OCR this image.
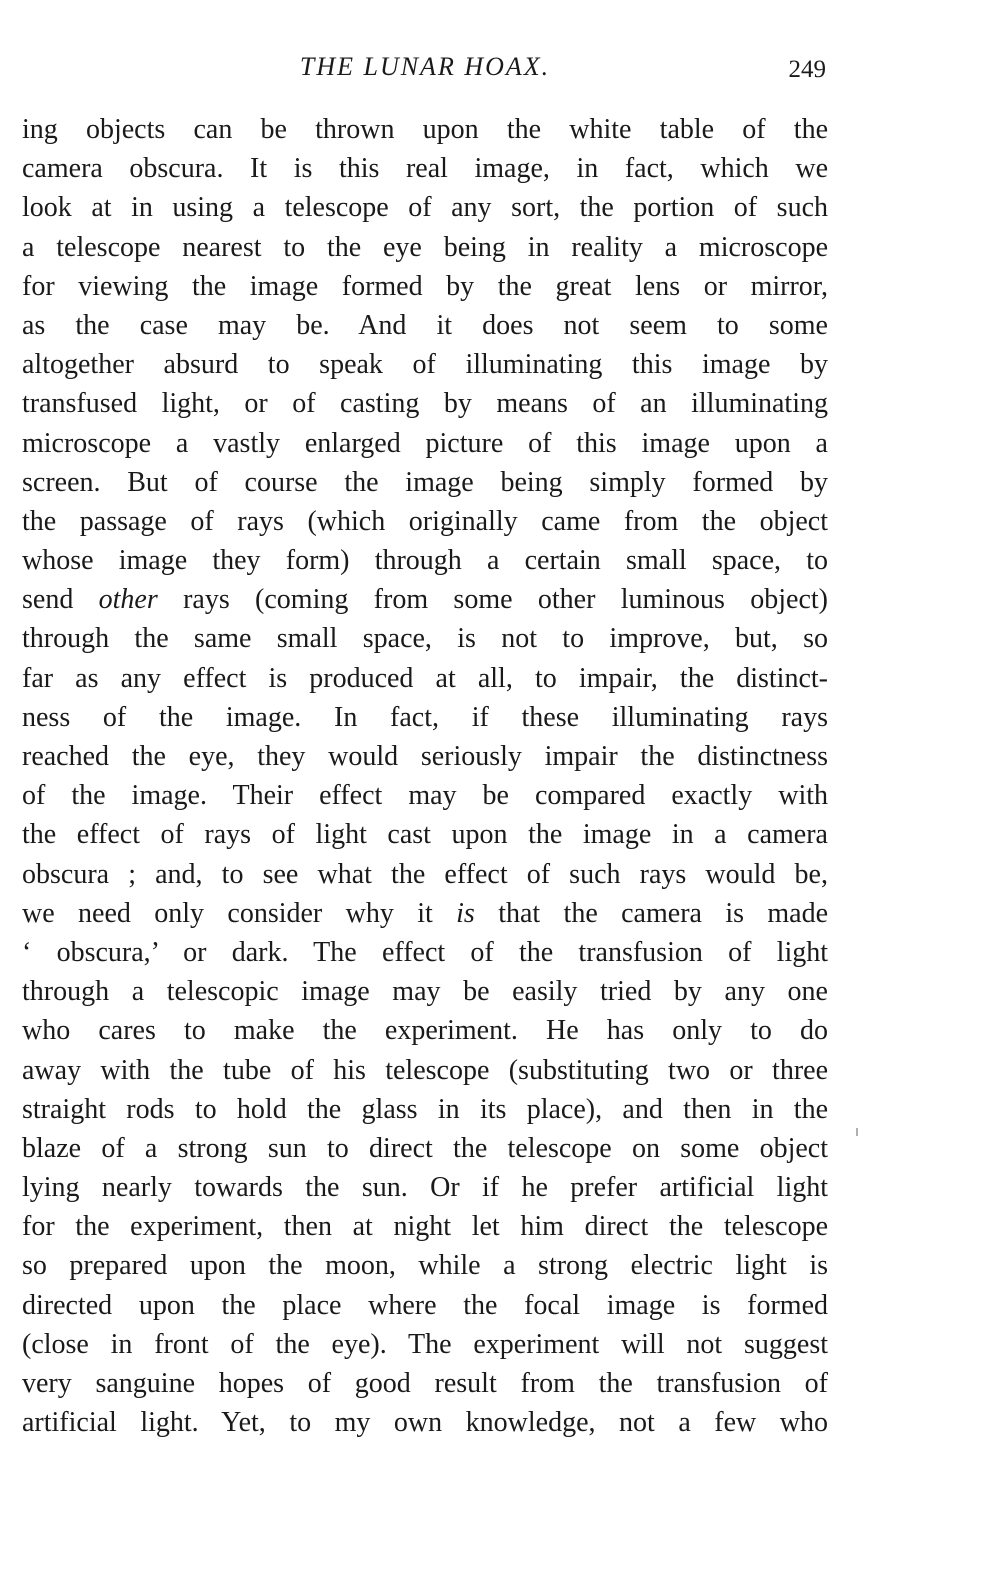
THE LUNAR HOAX.	249
ing objects can be thrown upon the white table of the
camera obscura. It is this real image, in fact, which we
look at in using a telescope of any sort, the portion of such
a telescope nearest to the eye being in reality a microscope
for viewing the image formed by the great lens or mirror,
as the case may be. And it does not seem to some
altogether absurd to speak of illuminating this image by
transfused light, or of casting by means of an illuminating
microscope a vastly enlarged picture of this image upon a
screen. But of course the image being simply formed by
the passage of rays (which originally came from the object
whose image they form) through a certain small space, to
send other rays (coming from some other luminous object)
through the same small space, is not to improve, but, so
far as any effect is produced at all, to impair, the distinct-
ness of the image. In fact, if these illuminating rays
reached the eye, they would seriously impair the distinctness
of the image. Their effect may be compared exactly with
the effect of rays of light cast upon the image in a camera
obscura ; and, to see what the effect of such rays would be,
we need only consider why it is that the camera is made
‘ obscura,’ or dark. The effect of the transfusion of light
through a telescopic image may be easily tried by any one
who cares to make the experiment. He has only to do
away with the tube of his telescope (substituting two or three
straight rods to hold the glass in its place), and then in the
blaze of a strong sun to direct the telescope on some object
lying nearly towards the sun. Or if he prefer artificial light
for the experiment, then at night let him direct the telescope
so prepared upon the moon, while a strong electric light is
directed upon the place where the focal image is formed
(close in front of the eye). The experiment will not suggest
very sanguine hopes of good result from the transfusion of
artificial light. Yet, to my own knowledge, not a few who
